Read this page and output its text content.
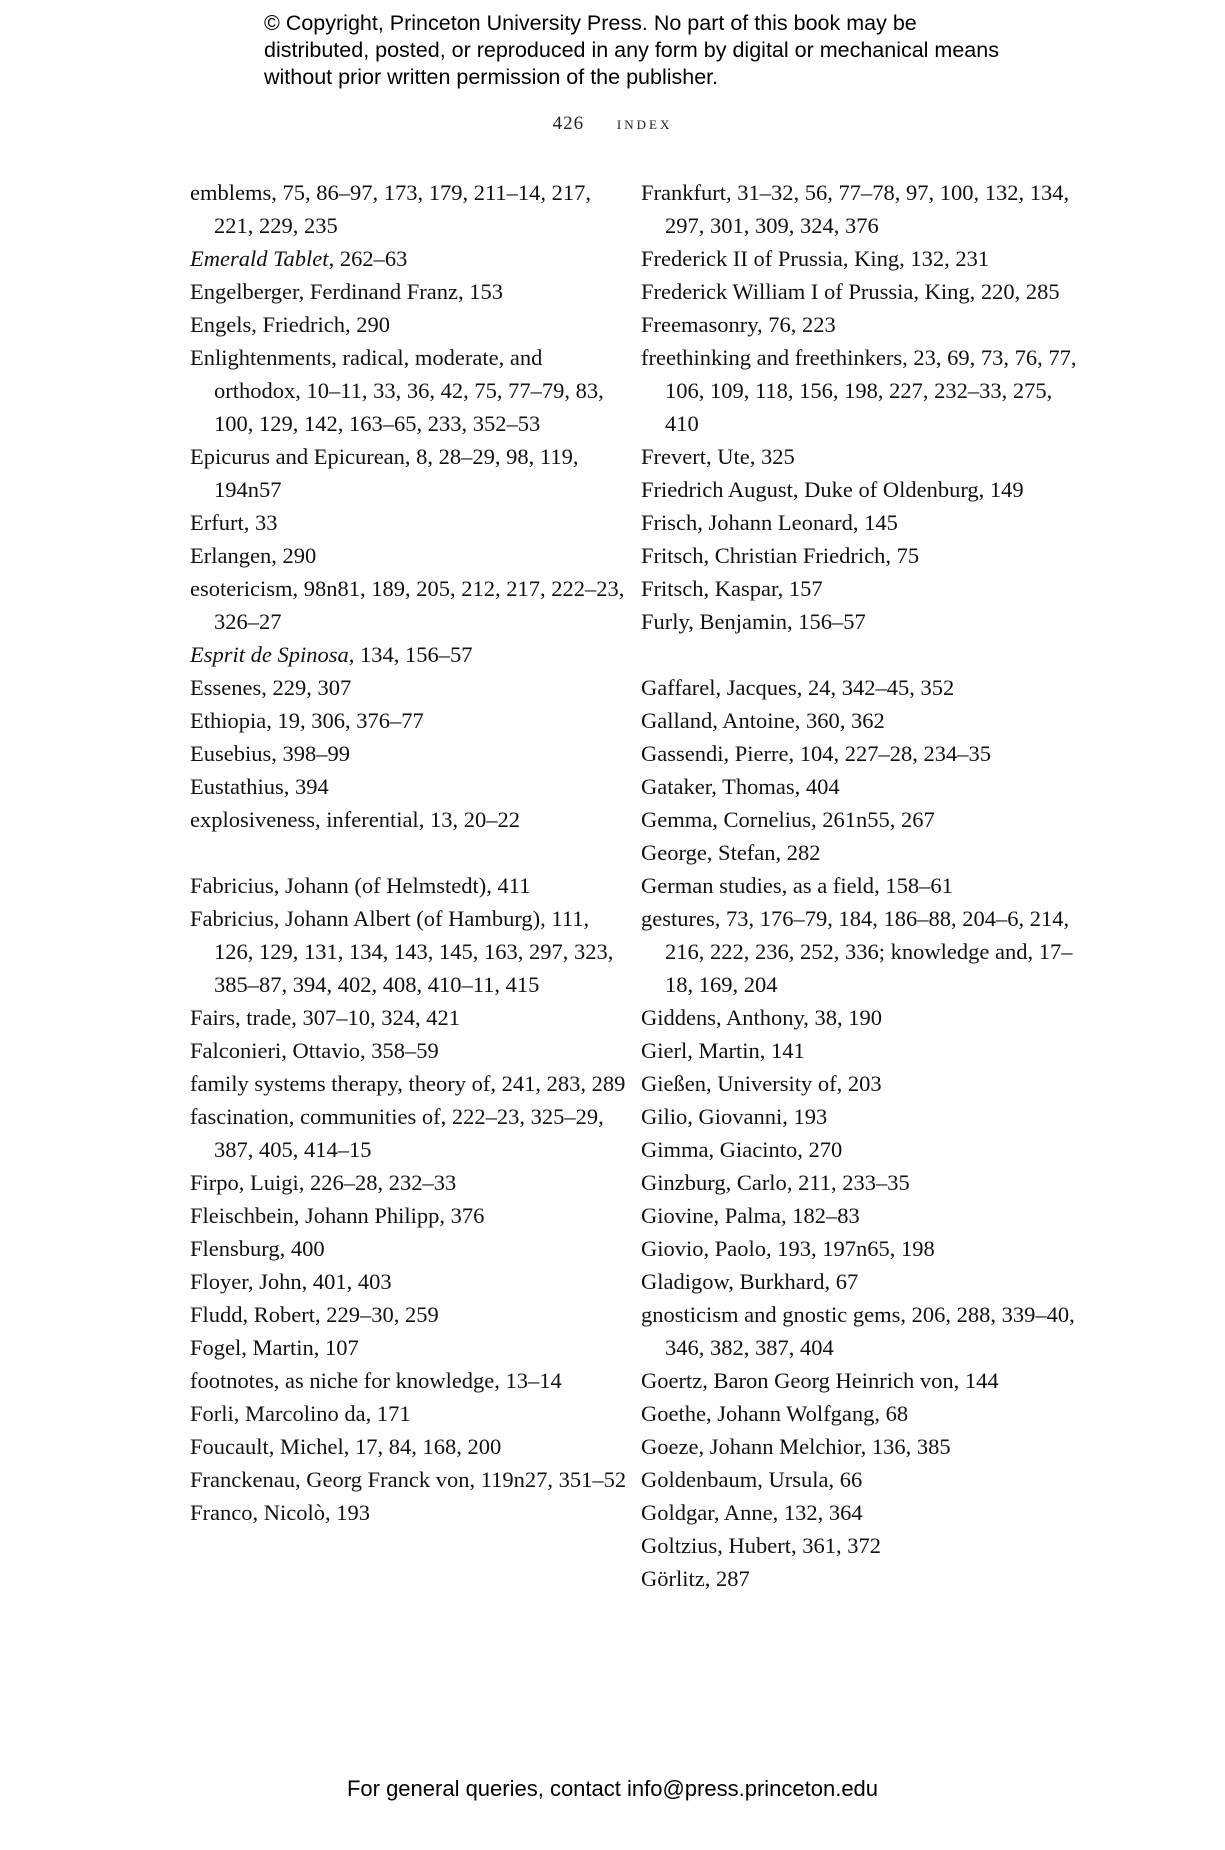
© Copyright, Princeton University Press. No part of this book may be distributed, posted, or reproduced in any form by digital or mechanical means without prior written permission of the publisher.
426 index
emblems, 75, 86–97, 173, 179, 211–14, 217, 221, 229, 235
Emerald Tablet, 262–63
Engelberger, Ferdinand Franz, 153
Engels, Friedrich, 290
Enlightenments, radical, moderate, and orthodox, 10–11, 33, 36, 42, 75, 77–79, 83, 100, 129, 142, 163–65, 233, 352–53
Epicurus and Epicurean, 8, 28–29, 98, 119, 194n57
Erfurt, 33
Erlangen, 290
esotericism, 98n81, 189, 205, 212, 217, 222–23, 326–27
Esprit de Spinosa, 134, 156–57
Essenes, 229, 307
Ethiopia, 19, 306, 376–77
Eusebius, 398–99
Eustathius, 394
explosiveness, inferential, 13, 20–22
Fabricius, Johann (of Helmstedt), 411
Fabricius, Johann Albert (of Hamburg), 111, 126, 129, 131, 134, 143, 145, 163, 297, 323, 385–87, 394, 402, 408, 410–11, 415
Fairs, trade, 307–10, 324, 421
Falconieri, Ottavio, 358–59
family systems therapy, theory of, 241, 283, 289
fascination, communities of, 222–23, 325–29, 387, 405, 414–15
Firpo, Luigi, 226–28, 232–33
Fleischbein, Johann Philipp, 376
Flensburg, 400
Floyer, John, 401, 403
Fludd, Robert, 229–30, 259
Fogel, Martin, 107
footnotes, as niche for knowledge, 13–14
Forli, Marcolino da, 171
Foucault, Michel, 17, 84, 168, 200
Franckenau, Georg Franck von, 119n27, 351–52
Franco, Nicolò, 193
Frankfurt, 31–32, 56, 77–78, 97, 100, 132, 134, 297, 301, 309, 324, 376
Frederick II of Prussia, King, 132, 231
Frederick William I of Prussia, King, 220, 285
Freemasonry, 76, 223
freethinking and freethinkers, 23, 69, 73, 76, 77, 106, 109, 118, 156, 198, 227, 232–33, 275, 410
Frevert, Ute, 325
Friedrich August, Duke of Oldenburg, 149
Frisch, Johann Leonard, 145
Fritsch, Christian Friedrich, 75
Fritsch, Kaspar, 157
Furly, Benjamin, 156–57
Gaffarel, Jacques, 24, 342–45, 352
Galland, Antoine, 360, 362
Gassendi, Pierre, 104, 227–28, 234–35
Gataker, Thomas, 404
Gemma, Cornelius, 261n55, 267
George, Stefan, 282
German studies, as a field, 158–61
gestures, 73, 176–79, 184, 186–88, 204–6, 214, 216, 222, 236, 252, 336; knowledge and, 17–18, 169, 204
Giddens, Anthony, 38, 190
Gierl, Martin, 141
Gießen, University of, 203
Gilio, Giovanni, 193
Gimma, Giacinto, 270
Ginzburg, Carlo, 211, 233–35
Giovine, Palma, 182–83
Giovio, Paolo, 193, 197n65, 198
Gladigow, Burkhard, 67
gnosticism and gnostic gems, 206, 288, 339–40, 346, 382, 387, 404
Goertz, Baron Georg Heinrich von, 144
Goethe, Johann Wolfgang, 68
Goeze, Johann Melchior, 136, 385
Goldenbaum, Ursula, 66
Goldgar, Anne, 132, 364
Goltzius, Hubert, 361, 372
Görlitz, 287
For general queries, contact info@press.princeton.edu
